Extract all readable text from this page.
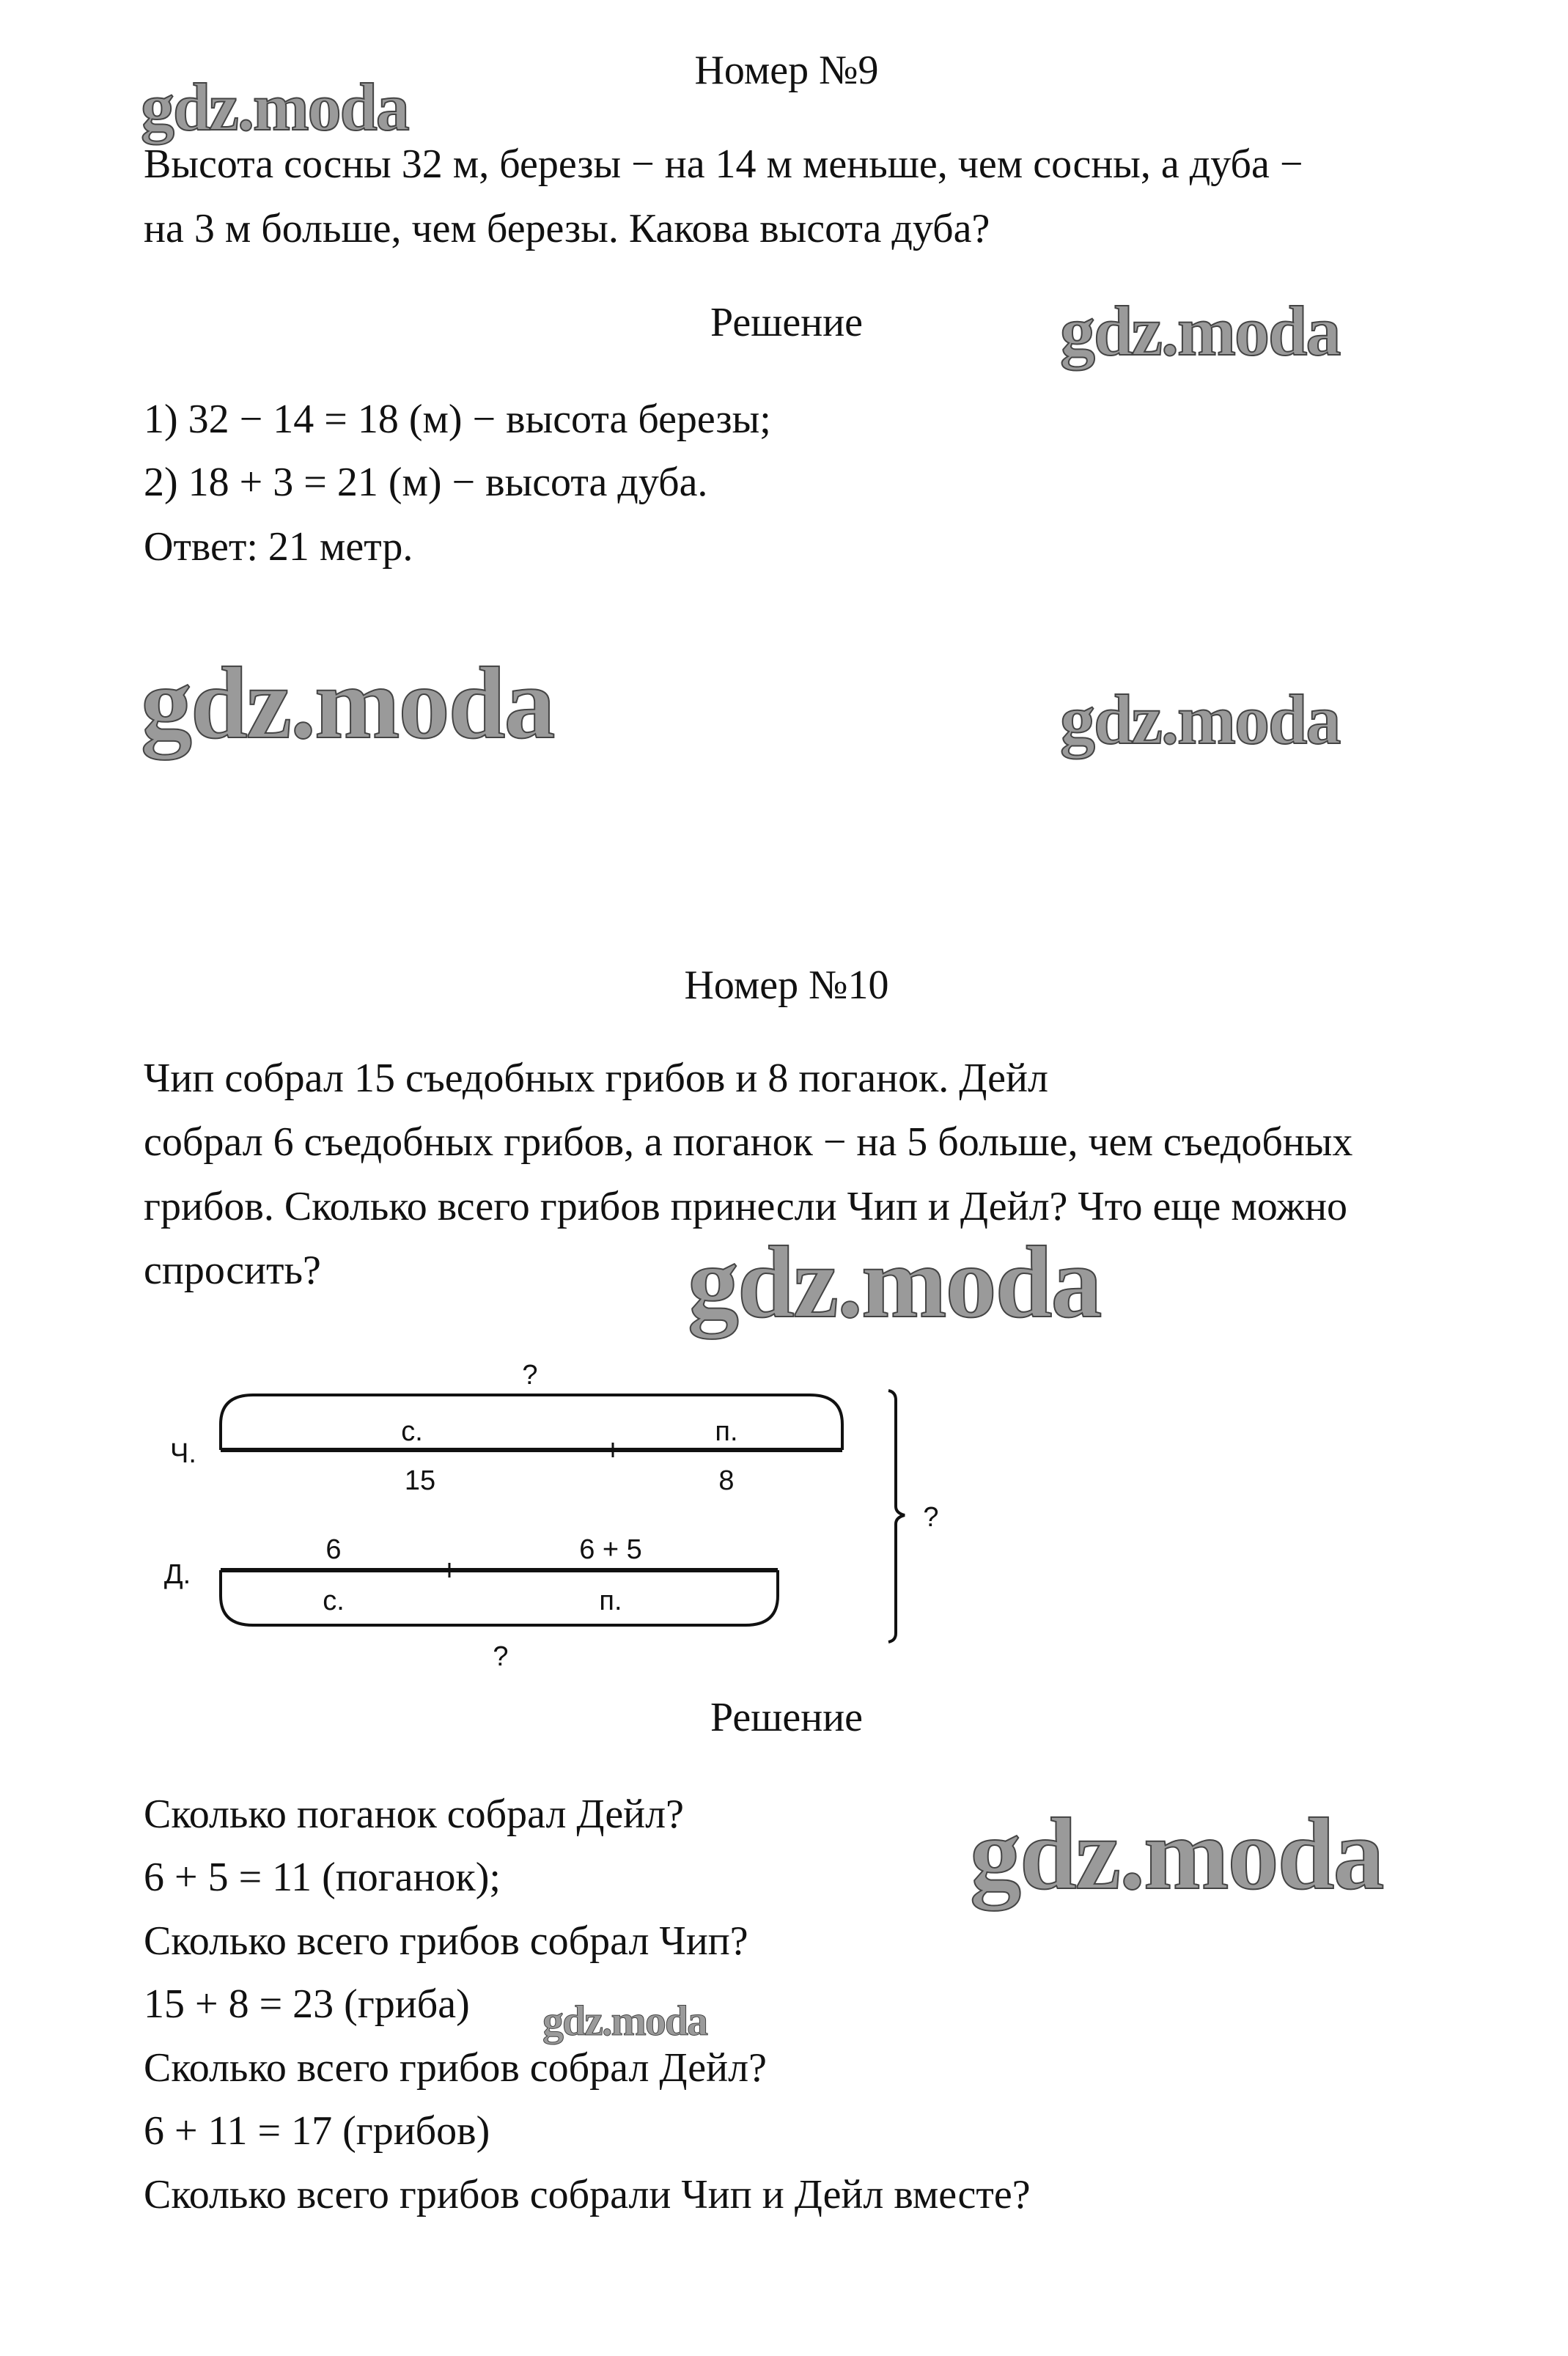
Номер №9
gdz.moda
Высота сосны 32 м, березы − на 14 м меньше, чем сосны, а дуба −
на 3 м больше, чем березы. Какова высота дуба?
Решение	gdz.moda
1) 32 − 14 = 18 (м) − высота березы;
2) 18 + 3 = 21 (м) − высота дуба.
Ответ: 21 метр.
gdz.moda	gdz.moda
Номер №10
Чип собрал 15 съедобных грибов и 8 поганок. Дейл
собрал 6 съедобных грибов, а поганок − на 5 больше, чем съедобных
грибов. Сколько всего грибов принесли Чип и Дейл? Что еще можно
спросить?	gdz.moda
Ч.
Д.
?
с.	п.
15	8
6	6 + 5
с.	п.
?
?
Решение
Сколько поганок собрал Дейл?
6 + 5 = 11 (поганок);
Сколько всего грибов собрал Чип?
15 + 8 = 23 (гриба)
Сколько всего грибов собрал Дейл?
6 + 11 = 17 (грибов)
Сколько всего грибов собрали Чип и Дейл вместе?
gdz.moda
gdz.moda
